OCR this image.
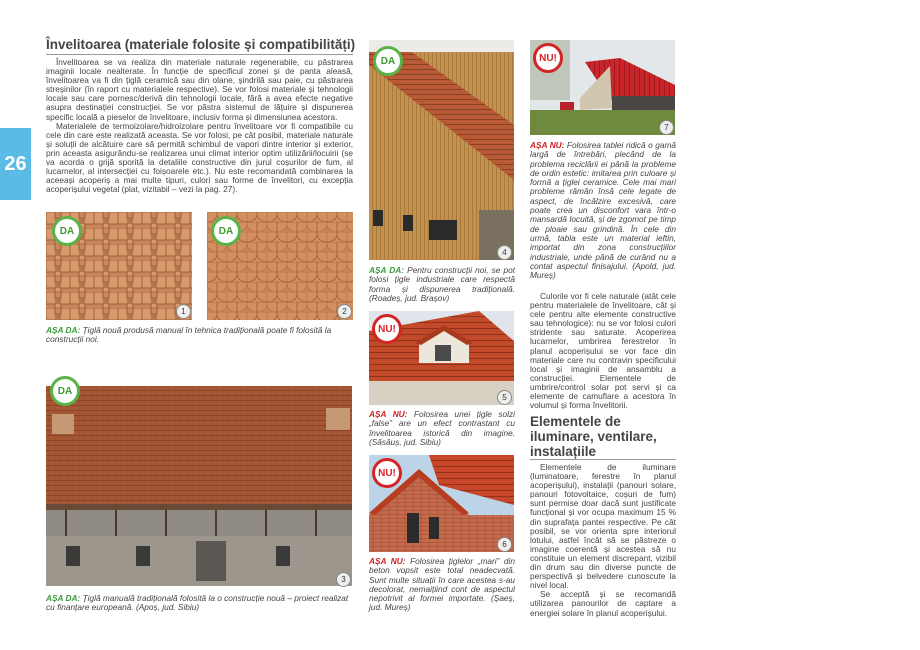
26
Învelitoarea (materiale folosite și compatibilități)

Învelitoarea se va realiza din materiale naturale regenerabile, cu păstrarea imaginii locale nealterate. În funcție de specificul zonei și de panta aleasă, învelitoarea va fi din țiglă ceramică sau din olane, șindrilă sau paie, cu păstrarea streșinilor (în raport cu materialele respective). Se vor folosi materiale și tehnologii locale sau care pornesc/derivă din tehnologii locale, fără a avea efecte negative asupra destinației construcției. Se vor păstra sistemul de lățuire și dispunerea specific locală a pieselor de învelitoare, inclusiv forma și dimensiunea acestora.

Materialele de termoizolare/hidroizolare pentru învelitoare vor fi compatibile cu cele din care este realizată aceasta. Se vor folosi, pe cât posibil, materiale naturale și soluții de alcătuire care să permită schimbul de vapori dintre interior și exterior, prin aceasta asigurându-se realizarea unui climat interior optim utilizării/locuirii (se va acorda o grijă sporită la detaliile constructive din jurul coșurilor de fum, al lucarnelor, al intersecției cu foișoarele etc.). Nu este recomandată combinarea la aceeași acoperiș a mai multe tipuri, culori sau forme de învelitori, cu excepția acoperișului vegetal (plat, vizitabil – vezi la pag. 27).

DA
1
DA
2
AȘA DA: Țiglă nouă produsă manual în tehnica tradițională poate fi folosită la construcții noi.
DA
3
AȘA DA: Țiglă manuală tradițională folosită la o construcție nouă – proiect realizat cu finanțare europeană. (Apoș, jud. Sibiu)
DA
4
AȘA DA: Pentru construcții noi, se pot folosi țigle industriale care respectă forma și dispunerea tradițională. (Roadeș, jud. Brașov)
NU!
5
AȘA NU: Folosirea unei țigle solzi „false” are un efect contrastant cu învelitoarea istorică din imagine. (Săsăuș, jud. Sibiu)
NU!
6
AȘA NU: Folosirea țiglelor „mari” din beton vopsit este total neadecvată. Sunt multe situații în care acestea s-au decolorat, nemaițiind cont de aspectul nepotrivit al formei importate. (Șaeș, jud. Mureș)
NU!
7
AȘA NU: Folosirea tablei ridică o gamă largă de întrebări, plecând de la problema reciclării ei până la probleme de ordin estetic: imitarea prin culoare și formă a țiglei ceramice. Cele mai mari probleme rămân însă cele legate de aspect, de încălzire excesivă, care poate crea un disconfort vara într-o mansardă locuită, și de zgomot pe timp de ploaie sau grindină. În cele din urmă, tabla este un material ieftin, importat din zona construcțiilor industriale, unde până de curând nu a contat aspectul finisajului. (Apold, jud. Mureș)

Culorile vor fi cele naturale (atât cele pentru materialele de învelitoare, cât și cele pentru alte elemente constructive sau tehnologice): nu se vor folosi culori stridente sau saturate. Acoperirea lucarnelor, umbrirea ferestrelor în planul acoperișului se vor face din materiale care nu contravin specificului local și imaginii de ansamblu a construcției. Elementele de umbrire/control solar pot servi și ca elemente de camuflare a acestora în volumul și forma învelitorii.

Elementele de iluminare, ventilare, instalațiile

Elementele de iluminare (luminatoare, ferestre în planul acoperișului), instalații (panouri solare, panouri fotovoltaice, coșuri de fum) sunt permise doar dacă sunt justificate funcțional și vor ocupa maximum 15 % din suprafața pantei respective. Pe cât posibil, se vor orienta spre interiorul lotului, astfel încât să se păstreze o imagine coerentă și acestea să nu constituie un element discrepant, vizibil din drum sau din diverse puncte de perspectivă și belvedere cunoscute la nivel local.

Se acceptă și se recomandă utilizarea panourilor de captare a energiei solare în planul acoperișului.
